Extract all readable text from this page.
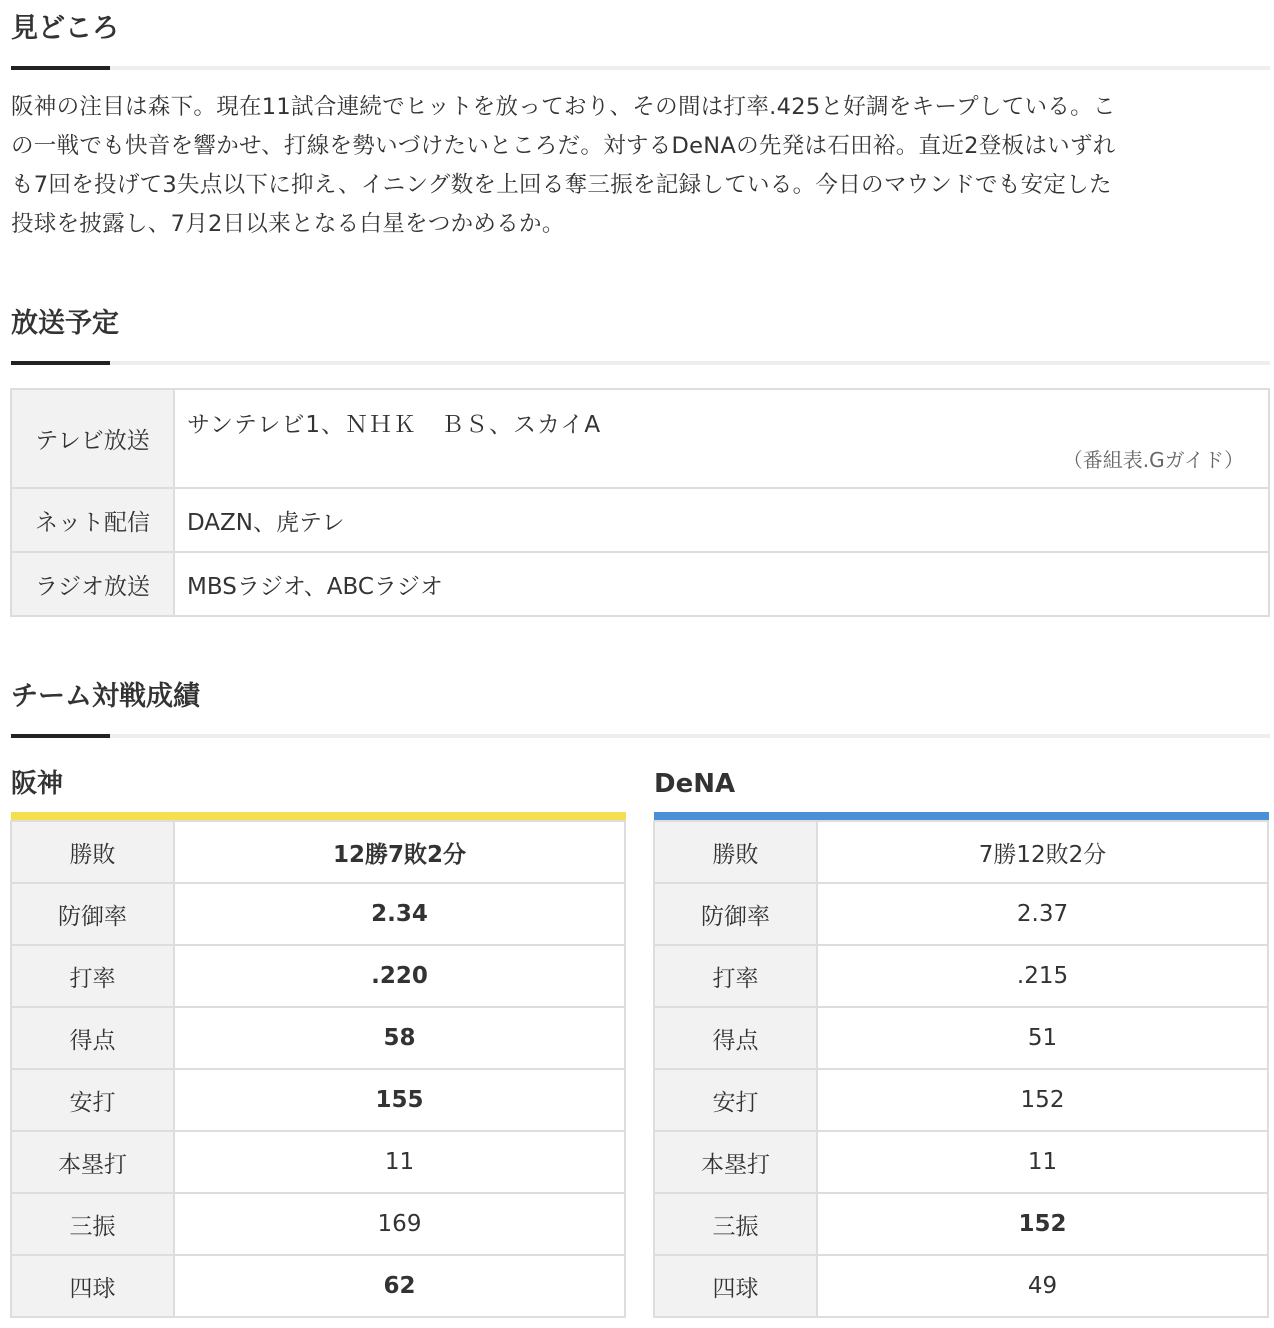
見どころ
阪神の注目は森下。現在11試合連続でヒットを放っており、その間は打率.425と好調をキープしている。こ
の一戦でも快音を響かせ、打線を勢いづけたいところだ。対するDeNAの先発は石田裕。直近2登板はいずれ
も7回を投げて3失点以下に抑え、イニング数を上回る奪三振を記録している。今日のマウンドでも安定した
投球を披露し、7月2日以来となる白星をつかめるか。
放送予定
テレビ放送	サンテレビ1、ＮＨＫ　ＢＳ、スカイA
（番組表.Gガイド）

ネット配信	DAZN、虎テレ
ラジオ放送	MBSラジオ、ABCラジオ
チーム対戦成績
阪神
勝敗	12勝7敗2分
防御率	2.34
打率	.220
得点	58
安打	155
本塁打	11
三振	169
四球	62
DeNA
勝敗	7勝12敗2分
防御率	2.37
打率	.215
得点	51
安打	152
本塁打	11
三振	152
四球	49
